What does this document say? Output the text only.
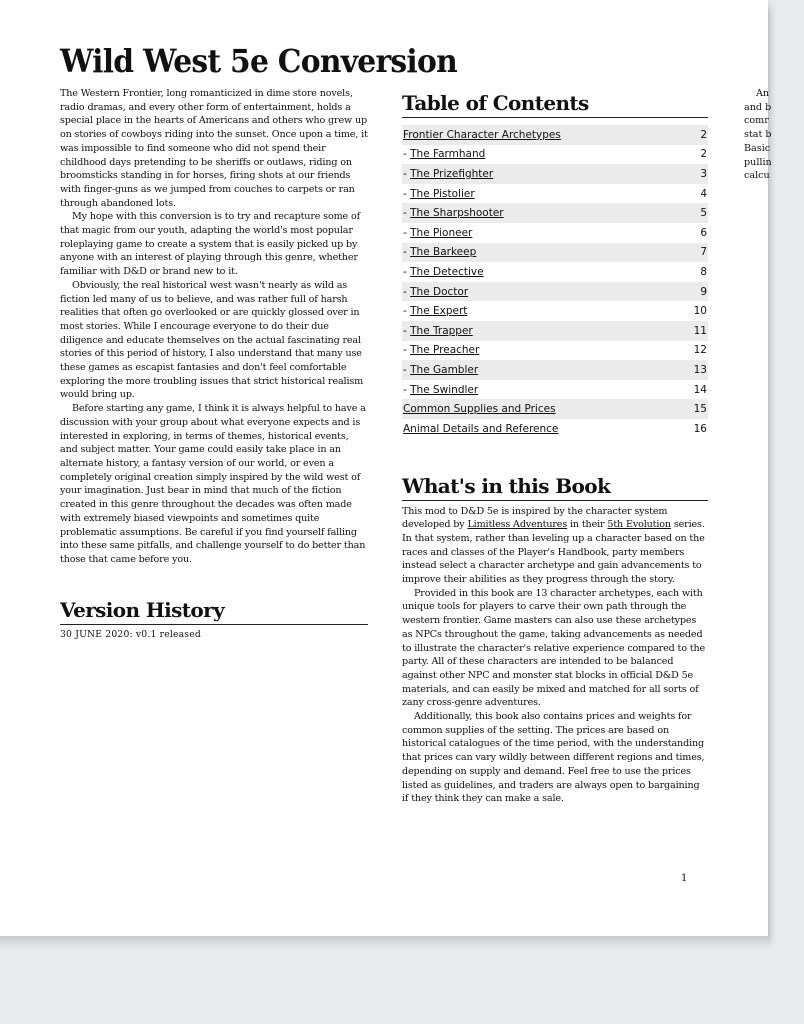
Wild West 5e Conversion

The Western Frontier, long romanticized in dime store novels, radio dramas, and every other form of entertainment, holds a special place in the hearts of Americans and others who grew up on stories of cowboys riding into the sunset. Once upon a time, it was impossible to find someone who did not spend their childhood days pretending to be sheriffs or outlaws, riding on broomsticks standing in for horses, firing shots at our friends with finger-guns as we jumped from couches to carpets or ran through abandoned lots.

My hope with this conversion is to try and recapture some of that magic from our youth, adapting the world's most popular roleplaying game to create a system that is easily picked up by anyone with an interest of playing through this genre, whether familiar with D&D or brand new to it.

Obviously, the real historical west wasn't nearly as wild as fiction led many of us to believe, and was rather full of harsh realities that often go overlooked or are quickly glossed over in most stories. While I encourage everyone to do their due diligence and educate themselves on the actual fascinating real stories of this period of history, I also understand that many use these games as escapist fantasies and don't feel comfortable exploring the more troubling issues that strict historical realism would bring up.

Before starting any game, I think it is always helpful to have a discussion with your group about what everyone expects and is interested in exploring, in terms of themes, historical events, and subject matter. Your game could easily take place in an alternate history, a fantasy version of our world, or even a completely original creation simply inspired by the wild west of your imagination. Just bear in mind that much of the fiction created in this genre throughout the decades was often made with extremely biased viewpoints and sometimes quite problematic assumptions. Be careful if you find yourself falling into these same pitfalls, and challenge yourself to do better than those that came before you.

Version History

30 JUNE 2020: v0.1 released

Table of Contents
Frontier Character Archetypes	2
- The Farmhand	2
- The Prizefighter	3
- The Pistolier	4
- The Sharpshooter	5
- The Pioneer	6
- The Barkeep	7
- The Detective	8
- The Doctor	9
- The Expert	10
- The Trapper	11
- The Preacher	12
- The Gambler	13
- The Swindler	14
Common Supplies and Prices	15
Animal Details and Reference	16
What's in this Book

This mod to D&D 5e is inspired by the character system developed by Limitless Adventures in their 5th Evolution series. In that system, rather than leveling up a character based on the races and classes of the Player's Handbook, party members instead select a character archetype and gain advancements to improve their abilities as they progress through the story.

Provided in this book are 13 character archetypes, each with unique tools for players to carve their own path through the western frontier. Game masters can also use these archetypes as NPCs throughout the game, taking advancements as needed to illustrate the character's relative experience compared to the party. All of these characters are intended to be balanced against other NPC and monster stat blocks in official D&D 5e materials, and can easily be mixed and matched for all sorts of zany cross-genre adventures.

Additionally, this book also contains prices and weights for common supplies of the setting. The prices are based on historical catalogues of the time period, with the understanding that prices can vary wildly between different regions and times, depending on supply and demand. Feel free to use the prices listed as guidelines, and traders are always open to bargaining if they think they can make a sale.

An
and b
comr
stat b
Basic
pullin
calcu
1
